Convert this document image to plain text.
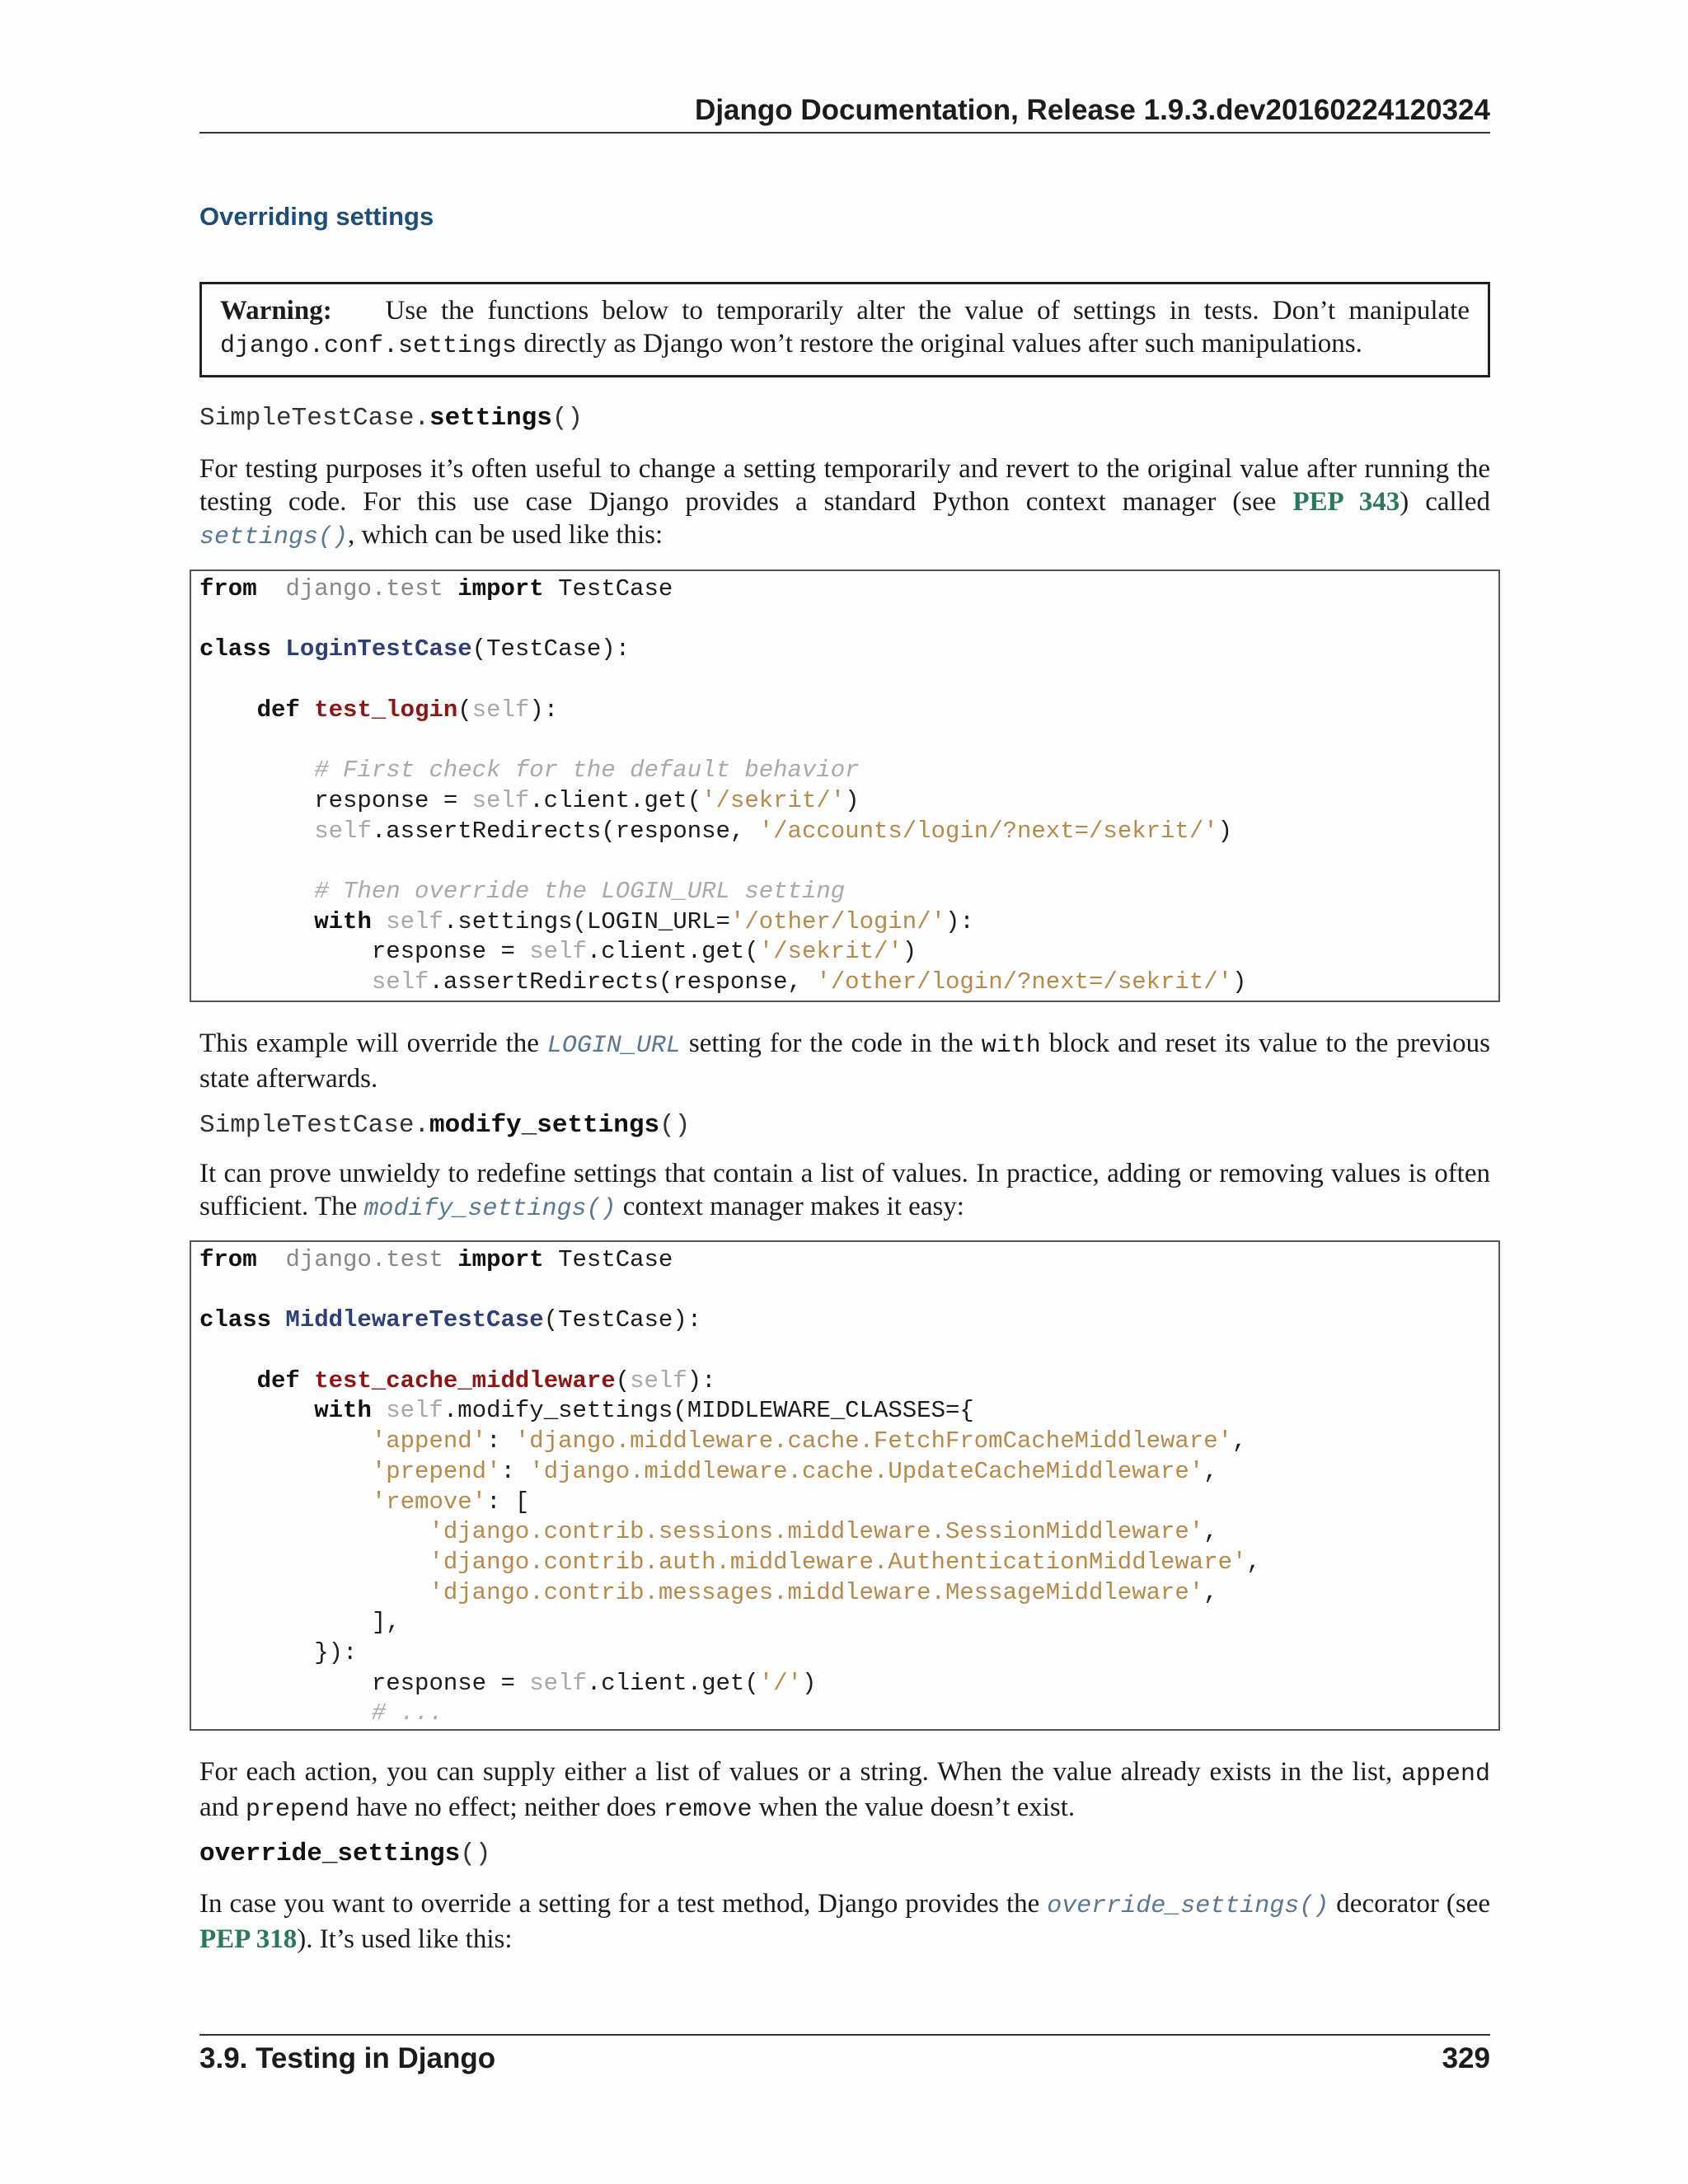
Django Documentation, Release 1.9.3.dev20160224120324
Overriding settings
Warning: Use the functions below to temporarily alter the value of settings in tests. Don’t manipulate django.conf.settings directly as Django won’t restore the original values after such manipulations.
SimpleTestCase.settings()
For testing purposes it’s often useful to change a setting temporarily and revert to the original value after running the testing code. For this use case Django provides a standard Python context manager (see PEP 343) called settings(), which can be used like this:
from django.test import TestCase

class LoginTestCase(TestCase):

def test_login(self):

# First check for the default behavior
response = self.client.get('/sekrit/')
self.assertRedirects(response, '/accounts/login/?next=/sekrit/')

# Then override the LOGIN_URL setting
with self.settings(LOGIN_URL='/other/login/'):
response = self.client.get('/sekrit/')
self.assertRedirects(response, '/other/login/?next=/sekrit/')
This example will override the LOGIN_URL setting for the code in the with block and reset its value to the previous state afterwards.
SimpleTestCase.modify_settings()
It can prove unwieldy to redefine settings that contain a list of values. In practice, adding or removing values is often sufficient. The modify_settings() context manager makes it easy:
from django.test import TestCase

class MiddlewareTestCase(TestCase):

def test_cache_middleware(self):
with self.modify_settings(MIDDLEWARE_CLASSES={
'append': 'django.middleware.cache.FetchFromCacheMiddleware',
'prepend': 'django.middleware.cache.UpdateCacheMiddleware',
'remove': [
'django.contrib.sessions.middleware.SessionMiddleware',
'django.contrib.auth.middleware.AuthenticationMiddleware',
'django.contrib.messages.middleware.MessageMiddleware',
],
}):
response = self.client.get('/')
# ...
For each action, you can supply either a list of values or a string. When the value already exists in the list, append and prepend have no effect; neither does remove when the value doesn’t exist.
override_settings()
In case you want to override a setting for a test method, Django provides the override_settings() decorator (see PEP 318). It’s used like this:
3.9. Testing in Django	329
